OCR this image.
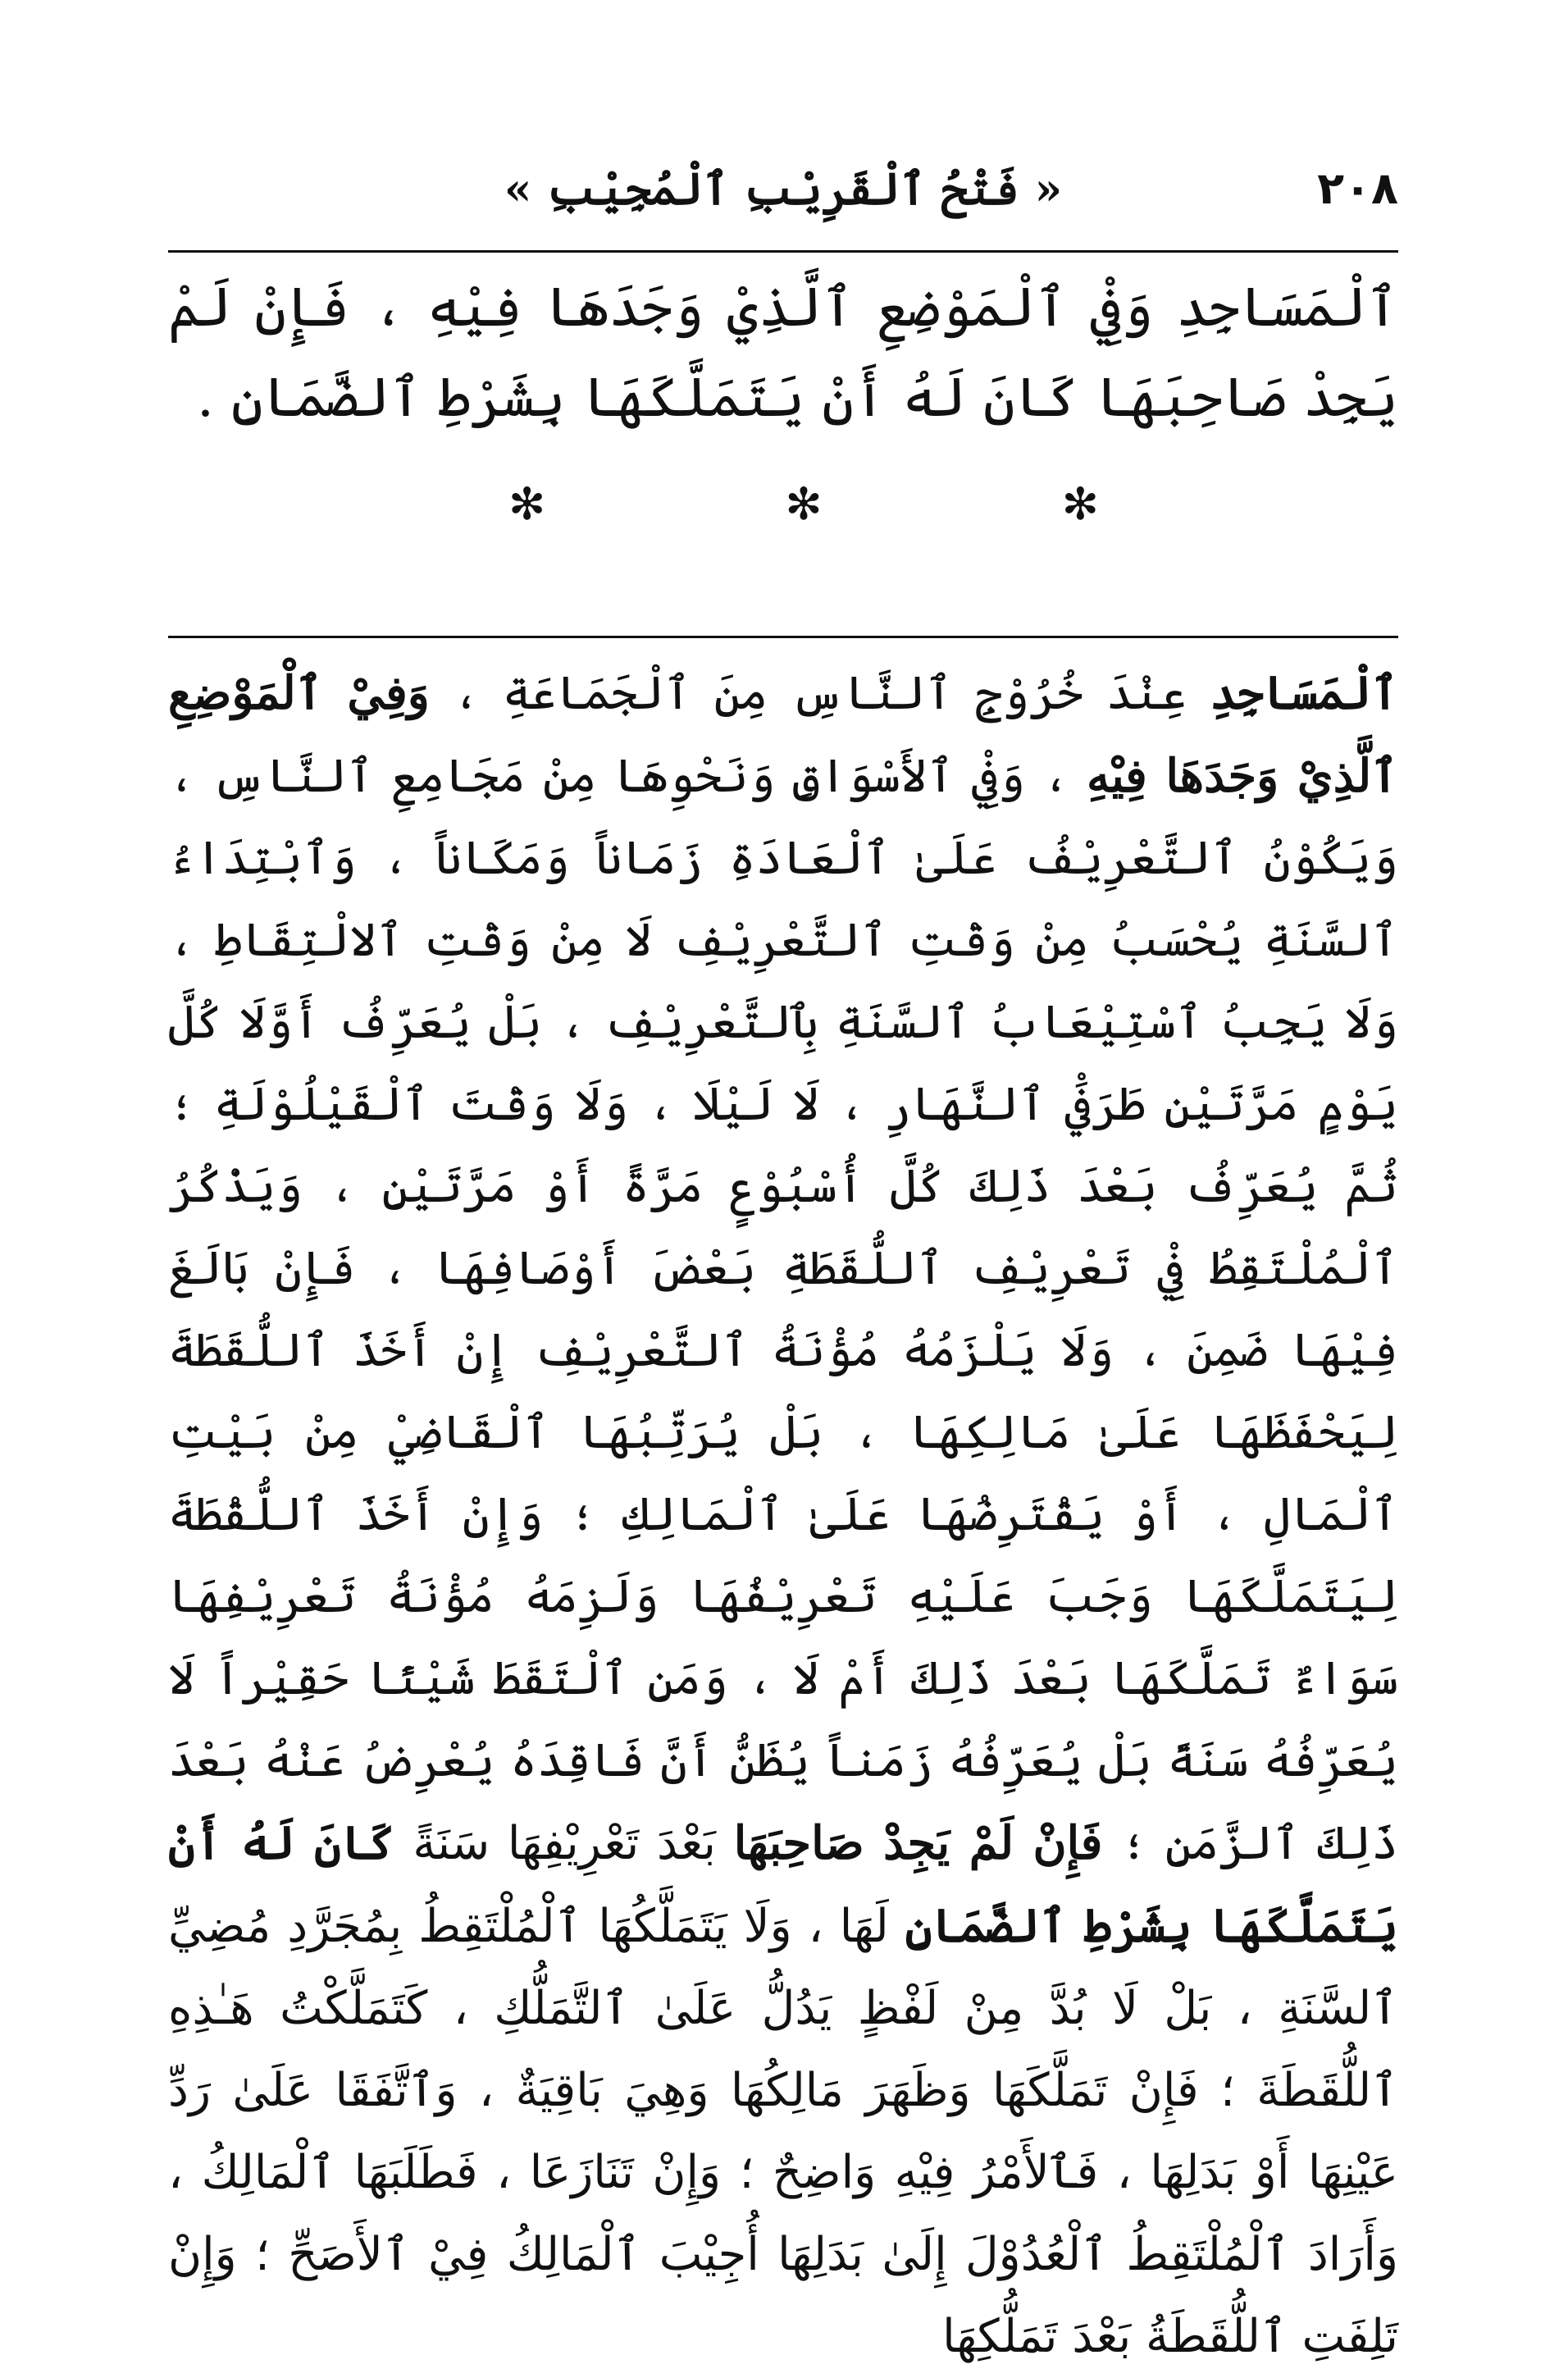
٢٠٨
« فَتْحُ ٱلْقَرِيْبِ ٱلْمُجِيْبِ »

ٱلْمَسَاجِدِ وَفِيْ ٱلْمَوْضِعِ ٱلَّذِيْ وَجَدَهَا فِيْهِ ، فَإِنْ لَمْ يَجِدْ صَاحِبَهَا كَانَ لَهُ أَنْ يَتَمَلَّكَهَا بِشَرْطِ ٱلضَّمَانِ .

✻
✻
✻

ٱلْمَسَاجِدِ عِنْدَ خُرُوْجِ ٱلنَّاسِ مِنَ ٱلْجَمَاعَةِ ، وَفِيْ ٱلْمَوْضِعِ ٱلَّذِيْ وَجَدَهَا فِيْهِ ، وَفِيْ ٱلأَسْوَاقِ وَنَحْوِهَا مِنْ مَجَامِعِ ٱلنَّاسِ ، وَيَكُوْنُ ٱلتَّعْرِيْفُ عَلَىٰ ٱلْعَادَةِ زَمَاناً وَمَكَاناً ، وَٱبْتِدَاءُ ٱلسَّنَةِ يُحْسَبُ مِنْ وَقْتِ ٱلتَّعْرِيْفِ لَا مِنْ وَقْتِ ٱلالْتِقَاطِ ، وَلَا يَجِبُ ٱسْتِيْعَابُ ٱلسَّنَةِ بِٱلتَّعْرِيْفِ ، بَلْ يُعَرِّفُ أَوَّلَا كُلَّ يَوْمٍ مَرَّتَيْنِ طَرَفَيْ ٱلنَّهَارِ ، لَا لَيْلَا ، وَلَا وَقْتَ ٱلْقَيْلُوْلَةِ ؛ ثُمَّ يُعَرِّفُ بَعْدَ ذَلِكَ كُلَّ أُسْبُوْعٍ مَرَّةً أَوْ مَرَّتَيْنِ ، وَيَذْكُرُ ٱلْمُلْتَقِطُ فِيْ تَعْرِيْفِ ٱللُّقَطَةِ بَعْضَ أَوْصَافِهَا ، فَإِنْ بَالَغَ فِيْهَا ضَمِنَ ، وَلَا يَلْزَمُهُ مُؤْنَةُ ٱلتَّعْرِيْفِ إِنْ أَخَذَ ٱللُّقَطَةَ لِيَحْفَظَهَا عَلَىٰ مَالِكِهَا ، بَلْ يُرَتِّبُهَا ٱلْقَاضِيْ مِنْ بَيْتِ ٱلْمَالِ ، أَوْ يَقْتَرِضُهَا عَلَىٰ ٱلْمَالِكِ ؛ وَإِنْ أَخَذَ ٱللُّقْطَةَ لِيَتَمَلَّكَهَا وَجَبَ عَلَيْهِ تَعْرِيْفُهَا وَلَزِمَهُ مُؤْنَةُ تَعْرِيْفِهَا سَوَاءٌ تَمَلَّكَهَا بَعْدَ ذَلِكَ أَمْ لَا ، وَمَنِ ٱلْتَقَطَ شَيْئًا حَقِيْراً لَا يُعَرِّفُهُ سَنَةً بَلْ يُعَرِّفُهُ زَمَناً يُظَنُّ أَنَّ فَاقِدَهُ يُعْرِضُ عَنْهُ بَعْدَ ذَلِكَ ٱلزَّمَنِ ؛ فَإِنْ لَمْ يَجِدْ صَاحِبَهَا بَعْدَ تَعْرِيْفِهَا سَنَةً كَانَ لَهُ أَنْ يَتَمَلَّكَهَا بِشَرْطِ ٱلضَّمَانِ لَهَا ، وَلَا يَتَمَلَّكُهَا ٱلْمُلْتَقِطُ بِمُجَرَّدِ مُضِيِّ ٱلسَّنَةِ ، بَلْ لَا بُدَّ مِنْ لَفْظٍ يَدُلُّ عَلَىٰ ٱلتَّمَلُّكِ ، كَتَمَلَّكْتُ هَـٰذِهِ ٱللُّقَطَةَ ؛ فَإِنْ تَمَلَّكَهَا وَظَهَرَ مَالِكُهَا وَهِيَ بَاقِيَةٌ ، وَٱتَّفَقَا عَلَىٰ رَدِّ عَيْنِهَا أَوْ بَدَلِهَا ، فَٱلأَمْرُ فِيْهِ وَاضِحٌ ؛ وَإِنْ تَنَازَعَا ، فَطَلَبَهَا ٱلْمَالِكُ ، وَأَرَادَ ٱلْمُلْتَقِطُ ٱلْعُدُوْلَ إِلَىٰ بَدَلِهَا أُجِيْبَ ٱلْمَالِكُ فِيْ ٱلأَصَحِّ ؛ وَإِنْ تَلِفَتِ ٱللُّقَطَةُ بَعْدَ تَمَلُّكِهَا
